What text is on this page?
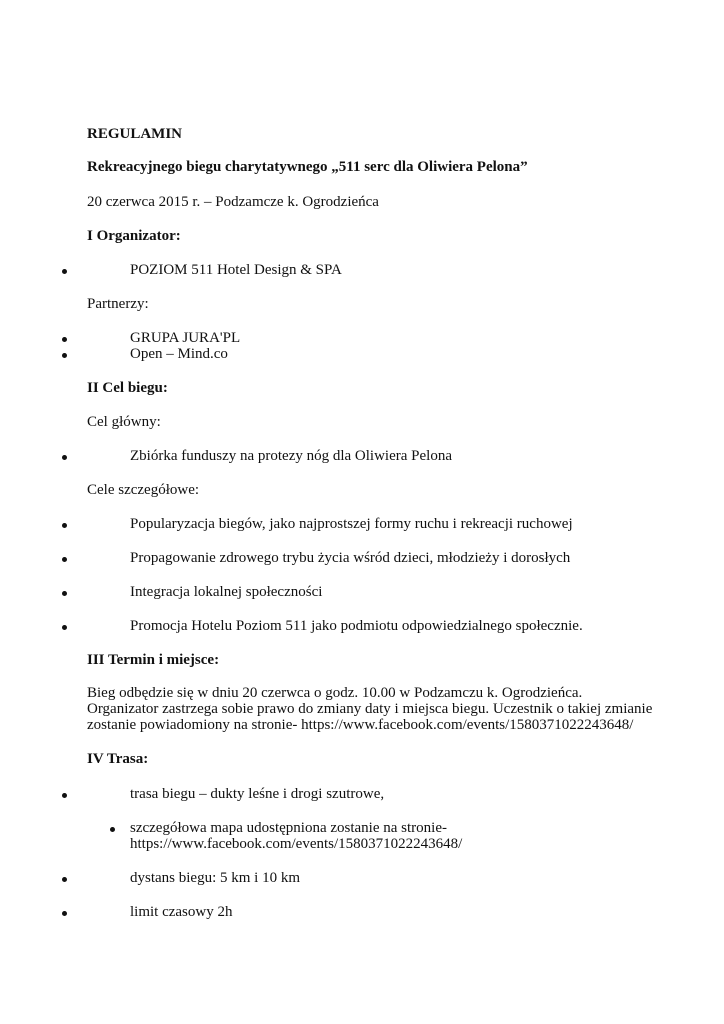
REGULAMIN

Rekreacyjnego biegu charytatywnego „511 serc dla Oliwiera Pelona”

20 czerwca 2015 r. – Podzamcze k. Ogrodzieńca

I Organizator:

POZIOM 511 Hotel Design & SPA

Partnerzy:

GRUPA JURA'PL
Open – Mind.co

II Cel biegu:

Cel główny:

Zbiórka funduszy na protezy nóg dla Oliwiera Pelona

Cele szczegółowe:

Popularyzacja biegów, jako najprostszej formy ruchu i rekreacji ruchowej
Propagowanie zdrowego trybu życia wśród dzieci, młodzieży i dorosłych
Integracja lokalnej społeczności
Promocja Hotelu Poziom 511 jako podmiotu odpowiedzialnego społecznie.

III Termin i miejsce:

Bieg odbędzie się w dniu 20 czerwca o godz. 10.00 w Podzamczu k. Ogrodzieńca.

Organizator zastrzega sobie prawo do zmiany daty i miejsca biegu. Uczestnik o takiej zmianie

zostanie powiadomiony na stronie- https://www.facebook.com/events/1580371022243648/

IV Trasa:

trasa biegu – dukty leśne i drogi szutrowe,
szczegółowa mapa udostępniona zostanie na stronie-
https://www.facebook.com/events/1580371022243648/
dystans biegu: 5 km i 10 km
limit czasowy 2h
